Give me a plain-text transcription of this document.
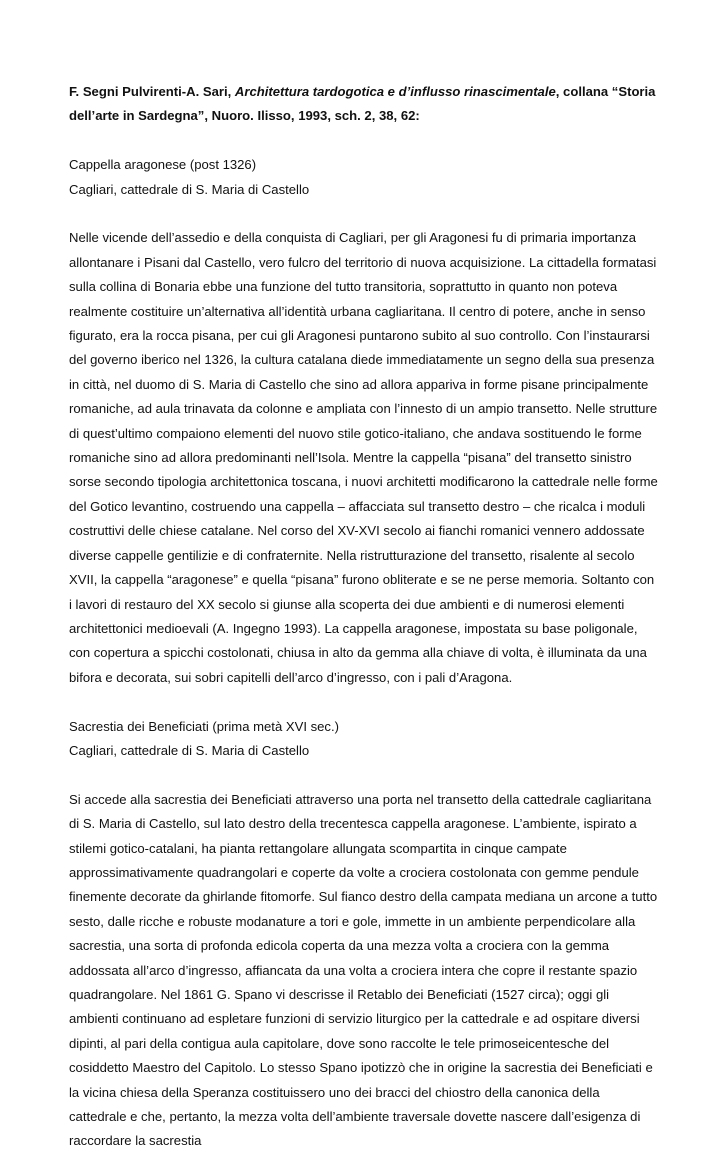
F. Segni Pulvirenti-A. Sari, Architettura tardogotica e d’influsso rinascimentale, collana “Storia dell’arte in Sardegna”, Nuoro. Ilisso, 1993, sch. 2, 38, 62:

Cappella aragonese (post 1326)
Cagliari, cattedrale di S. Maria di Castello

Nelle vicende dell’assedio e della conquista di Cagliari, per gli Aragonesi fu di primaria importanza allontanare i Pisani dal Castello, vero fulcro del territorio di nuova acquisizione. La cittadella formatasi sulla collina di Bonaria ebbe una funzione del tutto transitoria, soprattutto in quanto non poteva realmente costituire un’alternativa all’identità urbana cagliaritana. Il centro di potere, anche in senso figurato, era la rocca pisana, per cui gli Aragonesi puntarono subito al suo controllo. Con l’instaurarsi del governo iberico nel 1326, la cultura catalana diede immediatamente un segno della sua presenza in città, nel duomo di S. Maria di Castello che sino ad allora appariva in forme pisane principalmente romaniche, ad aula trinavata da colonne e ampliata con l’innesto di un ampio transetto. Nelle strutture di quest’ultimo compaiono elementi del nuovo stile gotico-italiano, che andava sostituendo le forme romaniche sino ad allora predominanti nell’Isola. Mentre la cappella “pisana” del transetto sinistro sorse secondo tipologia architettonica toscana, i nuovi architetti modificarono la cattedrale nelle forme del Gotico levantino, costruendo una cappella – affacciata sul transetto destro – che ricalca i moduli costruttivi delle chiese catalane. Nel corso del XV-XVI secolo ai fianchi romanici vennero addossate diverse cappelle gentilizie e di confraternite. Nella ristrutturazione del transetto, risalente al secolo XVII, la cappella “aragonese” e quella “pisana” furono obliterate e se ne perse memoria. Soltanto con i lavori di restauro del XX secolo si giunse alla scoperta dei due ambienti e di numerosi elementi architettonici medioevali (A. Ingegno 1993). La cappella aragonese, impostata su base poligonale, con copertura a spicchi costolonati, chiusa in alto da gemma alla chiave di volta, è illuminata da una bifora e decorata, sui sobri capitelli dell’arco d’ingresso, con i pali d’Aragona.

Sacrestia dei Beneficiati (prima metà XVI sec.)
Cagliari, cattedrale di S. Maria di Castello

Si accede alla sacrestia dei Beneficiati attraverso una porta nel transetto della cattedrale cagliaritana di S. Maria di Castello, sul lato destro della trecentesca cappella aragonese. L’ambiente, ispirato a stilemi gotico-catalani, ha pianta rettangolare allungata scompartita in cinque campate approssimativamente quadrangolari e coperte da volte a crociera costolonata con gemme pendule finemente decorate da ghirlande fitomorfe. Sul fianco destro della campata mediana un arcone a tutto sesto, dalle ricche e robuste modanature a tori e gole, immette in un ambiente perpendicolare alla sacrestia, una sorta di profonda edicola coperta da una mezza volta a crociera con la gemma addossata all’arco d’ingresso, affiancata da una volta a crociera intera che copre il restante spazio quadrangolare. Nel 1861 G. Spano vi descrisse il Retablo dei Beneficiati (1527 circa); oggi gli ambienti continuano ad espletare funzioni di servizio liturgico per la cattedrale e ad ospitare diversi dipinti, al pari della contigua aula capitolare, dove sono raccolte le tele primoseicentesche del cosiddetto Maestro del Capitolo. Lo stesso Spano ipotizzò che in origine la sacrestia dei Beneficiati e la vicina chiesa della Speranza costituissero uno dei bracci del chiostro della canonica della cattedrale e che, pertanto, la mezza volta dell’ambiente traversale dovette nascere dall’esigenza di raccordare la sacrestia
